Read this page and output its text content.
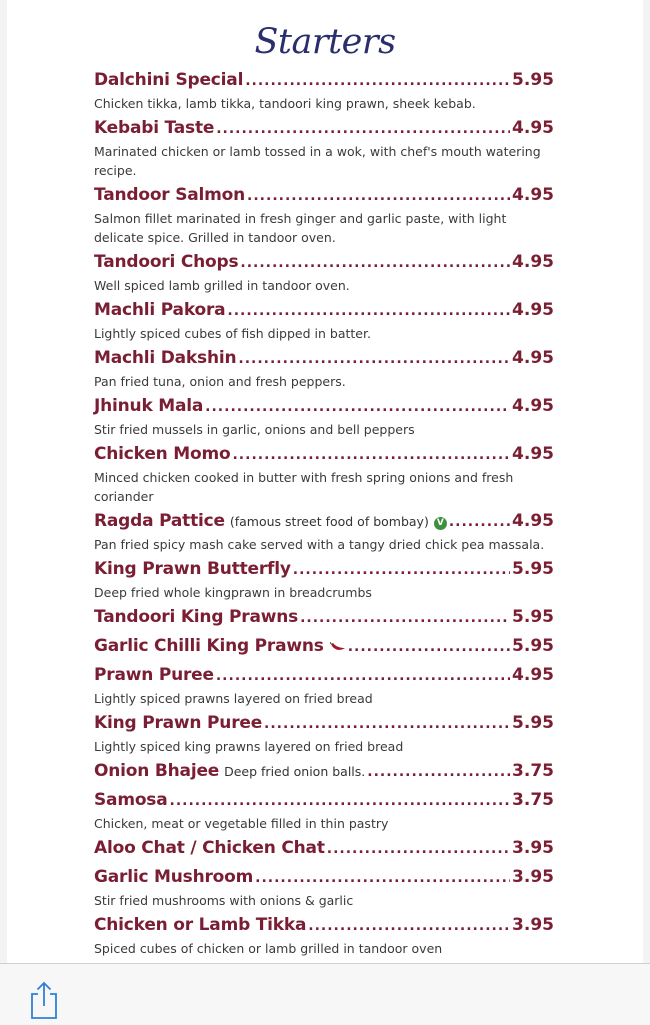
Starters
Dalchini Special .....	5.95
Chicken tikka, lamb tikka, tandoori king prawn, sheek kebab.
Kebabi Taste .....	4.95
Marinated chicken or lamb tossed in a wok, with chef's mouth watering recipe.
Tandoor Salmon .....	4.95
Salmon fillet marinated in fresh ginger and garlic paste, with light delicate spice. Grilled in tandoor oven.
Tandoori Chops .....	4.95
Well spiced lamb grilled in tandoor oven.
Machli Pakora .....	4.95
Lightly spiced cubes of fish dipped in batter.
Machli Dakshin .....	4.95
Pan fried tuna, onion and fresh peppers.
Jhinuk Mala .....	4.95
Stir fried mussels in garlic, onions and bell peppers
Chicken Momo .....	4.95
Minced chicken cooked in butter with fresh spring onions and fresh coriander
Ragda Pattice (famous street food of bombay) V .....	4.95
Pan fried spicy mash cake served with a tangy dried chick pea massala.
King Prawn Butterfly .....	5.95
Deep fried whole kingprawn in breadcrumbs
Tandoori King Prawns .....	5.95
Garlic Chilli King Prawns .....	5.95
Prawn Puree .....	4.95
Lightly spiced prawns layered on fried bread
King Prawn Puree .....	5.95
Lightly spiced king prawns layered on fried bread
Onion Bhajee Deep fried onion balls. .....	3.75
Samosa .....	3.75
Chicken, meat or vegetable filled in thin pastry
Aloo Chat / Chicken Chat .....	3.95
Garlic Mushroom .....	3.95
Stir fried mushrooms with onions & garlic
Chicken or Lamb Tikka .....	3.95
Spiced cubes of chicken or lamb grilled in tandoor oven
